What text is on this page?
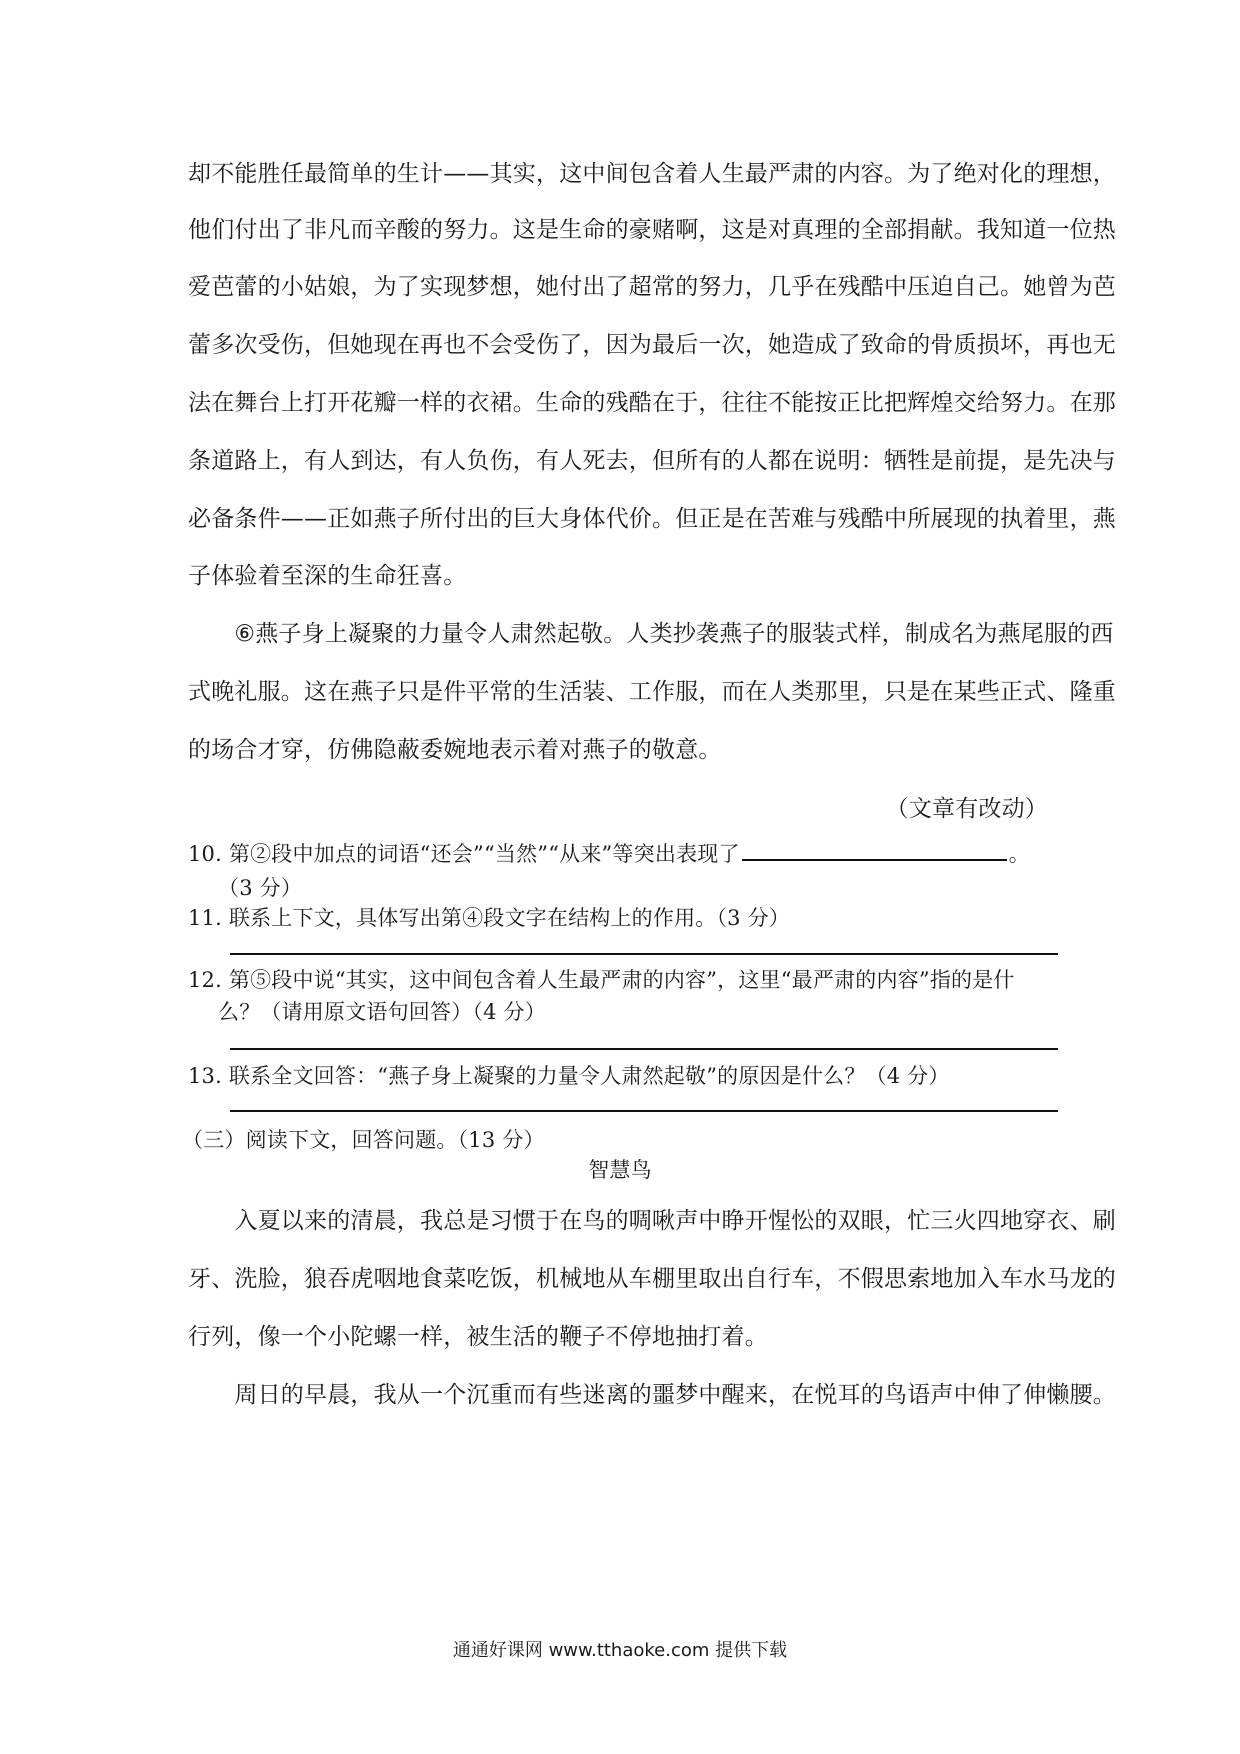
却不能胜任最简单的生计——其实，这中间包含着人生最严肃的内容。为了绝对化的理想，
他们付出了非凡而辛酸的努力。这是生命的豪赌啊，这是对真理的全部捐献。我知道一位热
爱芭蕾的小姑娘，为了实现梦想，她付出了超常的努力，几乎在残酷中压迫自己。她曾为芭
蕾多次受伤，但她现在再也不会受伤了，因为最后一次，她造成了致命的骨质损坏，再也无
法在舞台上打开花瓣一样的衣裙。生命的残酷在于，往往不能按正比把辉煌交给努力。在那
条道路上，有人到达，有人负伤，有人死去，但所有的人都在说明：牺牲是前提，是先决与
必备条件——正如燕子所付出的巨大身体代价。但正是在苦难与残酷中所展现的执着里，燕
子体验着至深的生命狂喜。
　　⑥燕子身上凝聚的力量令人肃然起敬。人类抄袭燕子的服装式样，制成名为燕尾服的西
式晚礼服。这在燕子只是件平常的生活装、工作服，而在人类那里，只是在某些正式、隆重
的场合才穿，仿佛隐蔽委婉地表示着对燕子的敬意。
（文章有改动）
10. 第②段中加点的词语“还会”“当然”“从来”等突出表现了	。
（3 分）
11. 联系上下文，具体写出第④段文字在结构上的作用。（3 分）
12. 第⑤段中说“其实，这中间包含着人生最严肃的内容”，这里“最严肃的内容”指的是什
么？（请用原文语句回答）（4 分）
13. 联系全文回答：“燕子身上凝聚的力量令人肃然起敬”的原因是什么？（4 分）
（三）阅读下文，回答问题。（13 分）
智慧鸟
　　入夏以来的清晨，我总是习惯于在鸟的啁啾声中睁开惺忪的双眼，忙三火四地穿衣、刷
牙、洗脸，狼吞虎咽地食菜吃饭，机械地从车棚里取出自行车，不假思索地加入车水马龙的
行列，像一个小陀螺一样，被生活的鞭子不停地抽打着。
　　周日的早晨，我从一个沉重而有些迷离的噩梦中醒来，在悦耳的鸟语声中伸了伸懒腰。
通通好课网 www.tthaoke.com 提供下载
